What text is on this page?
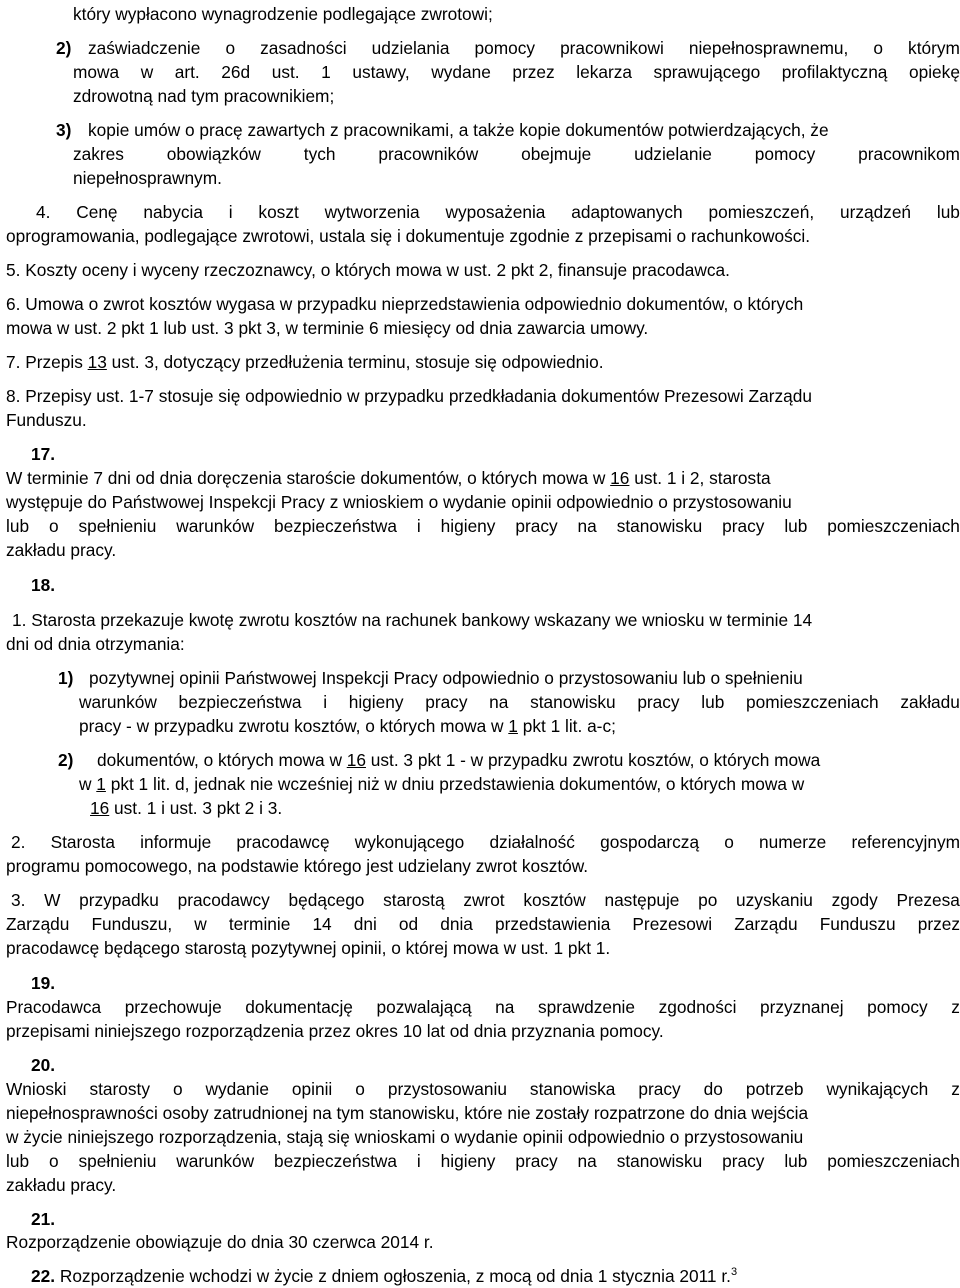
który wypłacono wynagrodzenie podlegające zwrotowi;
2) zaświadczenie o zasadności udzielania pomocy pracownikowi niepełnosprawnemu, o którym
mowa w art. 26d ust. 1 ustawy, wydane przez lekarza sprawującego profilaktyczną opiekę
zdrowotną nad tym pracownikiem;
3) kopie umów o pracę zawartych z pracownikami, a także kopie dokumentów potwierdzających, że
zakres obowiązków tych pracowników obejmuje udzielanie pomocy pracownikom
niepełnosprawnym.
4. Cenę nabycia i koszt wytworzenia wyposażenia adaptowanych pomieszczeń, urządzeń lub
oprogramowania, podlegające zwrotowi, ustala się i dokumentuje zgodnie z przepisami o rachunkowości.
5. Koszty oceny i wyceny rzeczoznawcy, o których mowa w ust. 2 pkt 2, finansuje pracodawca.
6. Umowa o zwrot kosztów wygasa w przypadku nieprzedstawienia odpowiednio dokumentów, o których
mowa w ust. 2 pkt 1 lub ust. 3 pkt 3, w terminie 6 miesięcy od dnia zawarcia umowy.
7. Przepis 13 ust. 3, dotyczący przedłużenia terminu, stosuje się odpowiednio.
8. Przepisy ust. 1-7 stosuje się odpowiednio w przypadku przedkładania dokumentów Prezesowi Zarządu
Funduszu.
17.
W terminie 7 dni od dnia doręczenia staroście dokumentów, o których mowa w 16 ust. 1 i 2, starosta
występuje do Państwowej Inspekcji Pracy z wnioskiem o wydanie opinii odpowiednio o przystosowaniu
lub o spełnieniu warunków bezpieczeństwa i higieny pracy na stanowisku pracy lub pomieszczeniach
zakładu pracy.
18.
1. Starosta przekazuje kwotę zwrotu kosztów na rachunek bankowy wskazany we wniosku w terminie 14
dni od dnia otrzymania:
1) pozytywnej opinii Państwowej Inspekcji Pracy odpowiednio o przystosowaniu lub o spełnieniu
warunków bezpieczeństwa i higieny pracy na stanowisku pracy lub pomieszczeniach zakładu
pracy - w przypadku zwrotu kosztów, o których mowa w 1 pkt 1 lit. a-c;
2) dokumentów, o których mowa w 16 ust. 3 pkt 1 - w przypadku zwrotu kosztów, o których mowa
w 1 pkt 1 lit. d, jednak nie wcześniej niż w dniu przedstawienia dokumentów, o których mowa w
16 ust. 1 i ust. 3 pkt 2 i 3.
2. Starosta informuje pracodawcę wykonującego działalność gospodarczą o numerze referencyjnym
programu pomocowego, na podstawie którego jest udzielany zwrot kosztów.
3. W przypadku pracodawcy będącego starostą zwrot kosztów następuje po uzyskaniu zgody Prezesa
Zarządu Funduszu, w terminie 14 dni od dnia przedstawienia Prezesowi Zarządu Funduszu przez
pracodawcę będącego starostą pozytywnej opinii, o której mowa w ust. 1 pkt 1.
19.
Pracodawca przechowuje dokumentację pozwalającą na sprawdzenie zgodności przyznanej pomocy z
przepisami niniejszego rozporządzenia przez okres 10 lat od dnia przyznania pomocy.
20.
Wnioski starosty o wydanie opinii o przystosowaniu stanowiska pracy do potrzeb wynikających z
niepełnosprawności osoby zatrudnionej na tym stanowisku, które nie zostały rozpatrzone do dnia wejścia
w życie niniejszego rozporządzenia, stają się wnioskami o wydanie opinii odpowiednio o przystosowaniu
lub o spełnieniu warunków bezpieczeństwa i higieny pracy na stanowisku pracy lub pomieszczeniach
zakładu pracy.
21.
Rozporządzenie obowiązuje do dnia 30 czerwca 2014 r.
22. Rozporządzenie wchodzi w życie z dniem ogłoszenia, z mocą od dnia 1 stycznia 2011 r.$^3$
